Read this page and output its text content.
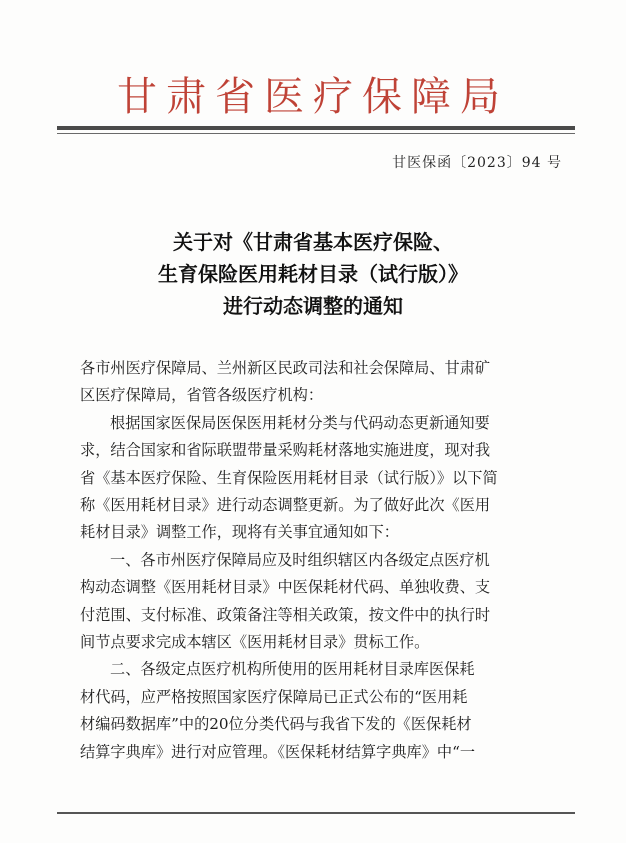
甘肃省医疗保障局
甘医保函〔2023〕94 号
关于对《甘肃省基本医疗保险、
生育保险医用耗材目录（试行版）》
进行动态调整的通知

各市州医疗保障局、兰州新区民政司法和社会保障局、甘肃矿
区医疗保障局，省管各级医疗机构：

根据国家医保局医保医用耗材分类与代码动态更新通知要
求，结合国家和省际联盟带量采购耗材落地实施进度，现对我
省《基本医疗保险、生育保险医用耗材目录（试行版）》以下简
称《医用耗材目录》进行动态调整更新。为了做好此次《医用
耗材目录》调整工作，现将有关事宜通知如下：

一、各市州医疗保障局应及时组织辖区内各级定点医疗机
构动态调整《医用耗材目录》中医保耗材代码、单独收费、支
付范围、支付标准、政策备注等相关政策，按文件中的执行时
间节点要求完成本辖区《医用耗材目录》贯标工作。

二、各级定点医疗机构所使用的医用耗材目录库医保耗
材代码，应严格按照国家医疗保障局已正式公布的“医用耗
材编码数据库”中的20位分类代码与我省下发的《医保耗材
结算字典库》进行对应管理。《医保耗材结算字典库》中“一
